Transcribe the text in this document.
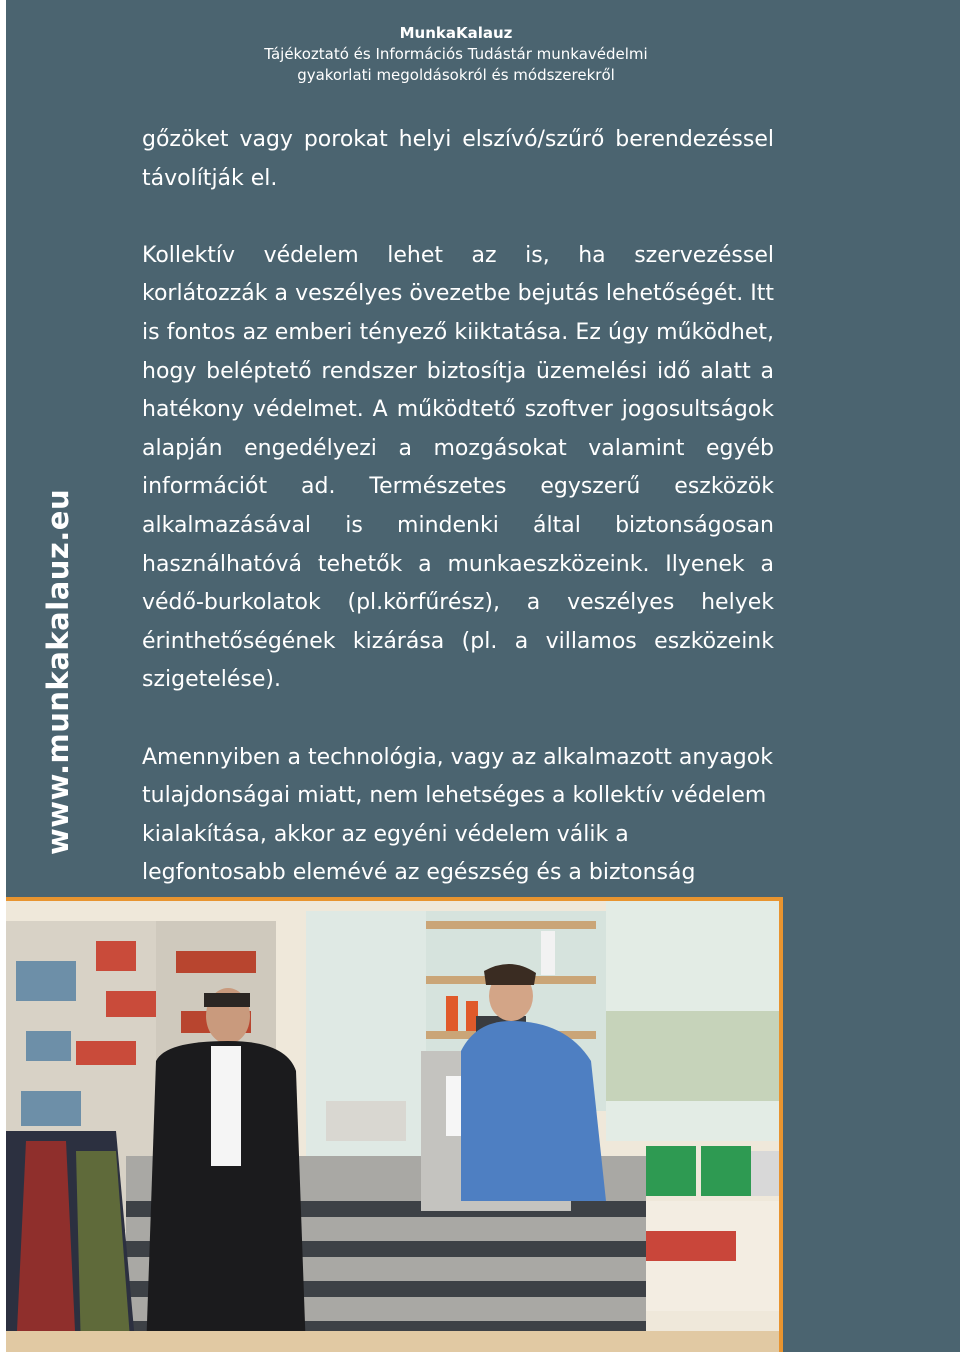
MunkaKalauz

Tájékoztató és Információs Tudástár munkavédelmi

gyakorlati megoldásokról és módszerekről

www.munkakalauz.eu

gőzöket vagy porokat helyi elszívó/szűrő berendezéssel távolítják el.

Kollektív védelem lehet az is, ha szervezéssel korlátozzák a veszélyes övezetbe bejutás lehetőségét. Itt is fontos az emberi tényező kiiktatása. Ez úgy működhet, hogy beléptető rendszer biztosítja üzemelési idő alatt a hatékony védelmet. A működtető szoftver jogosultságok alapján engedélyezi a mozgásokat valamint egyéb információt ad. Természetes egyszerű eszközök alkalmazásával is mindenki által biztonságosan használhatóvá tehetők a munkaeszközeink. Ilyenek a védő-burkolatok (pl.körfűrész), a veszélyes helyek érinthetőségének kizárása (pl. a villamos eszközeink szigetelése).

Amennyiben a technológia, vagy az alkalmazott anyagok tulajdonságai miatt, nem lehetséges a kollektív védelem kialakítása, akkor az egyéni védelem válik a legfontosabb elemévé az egészség és a biztonság
